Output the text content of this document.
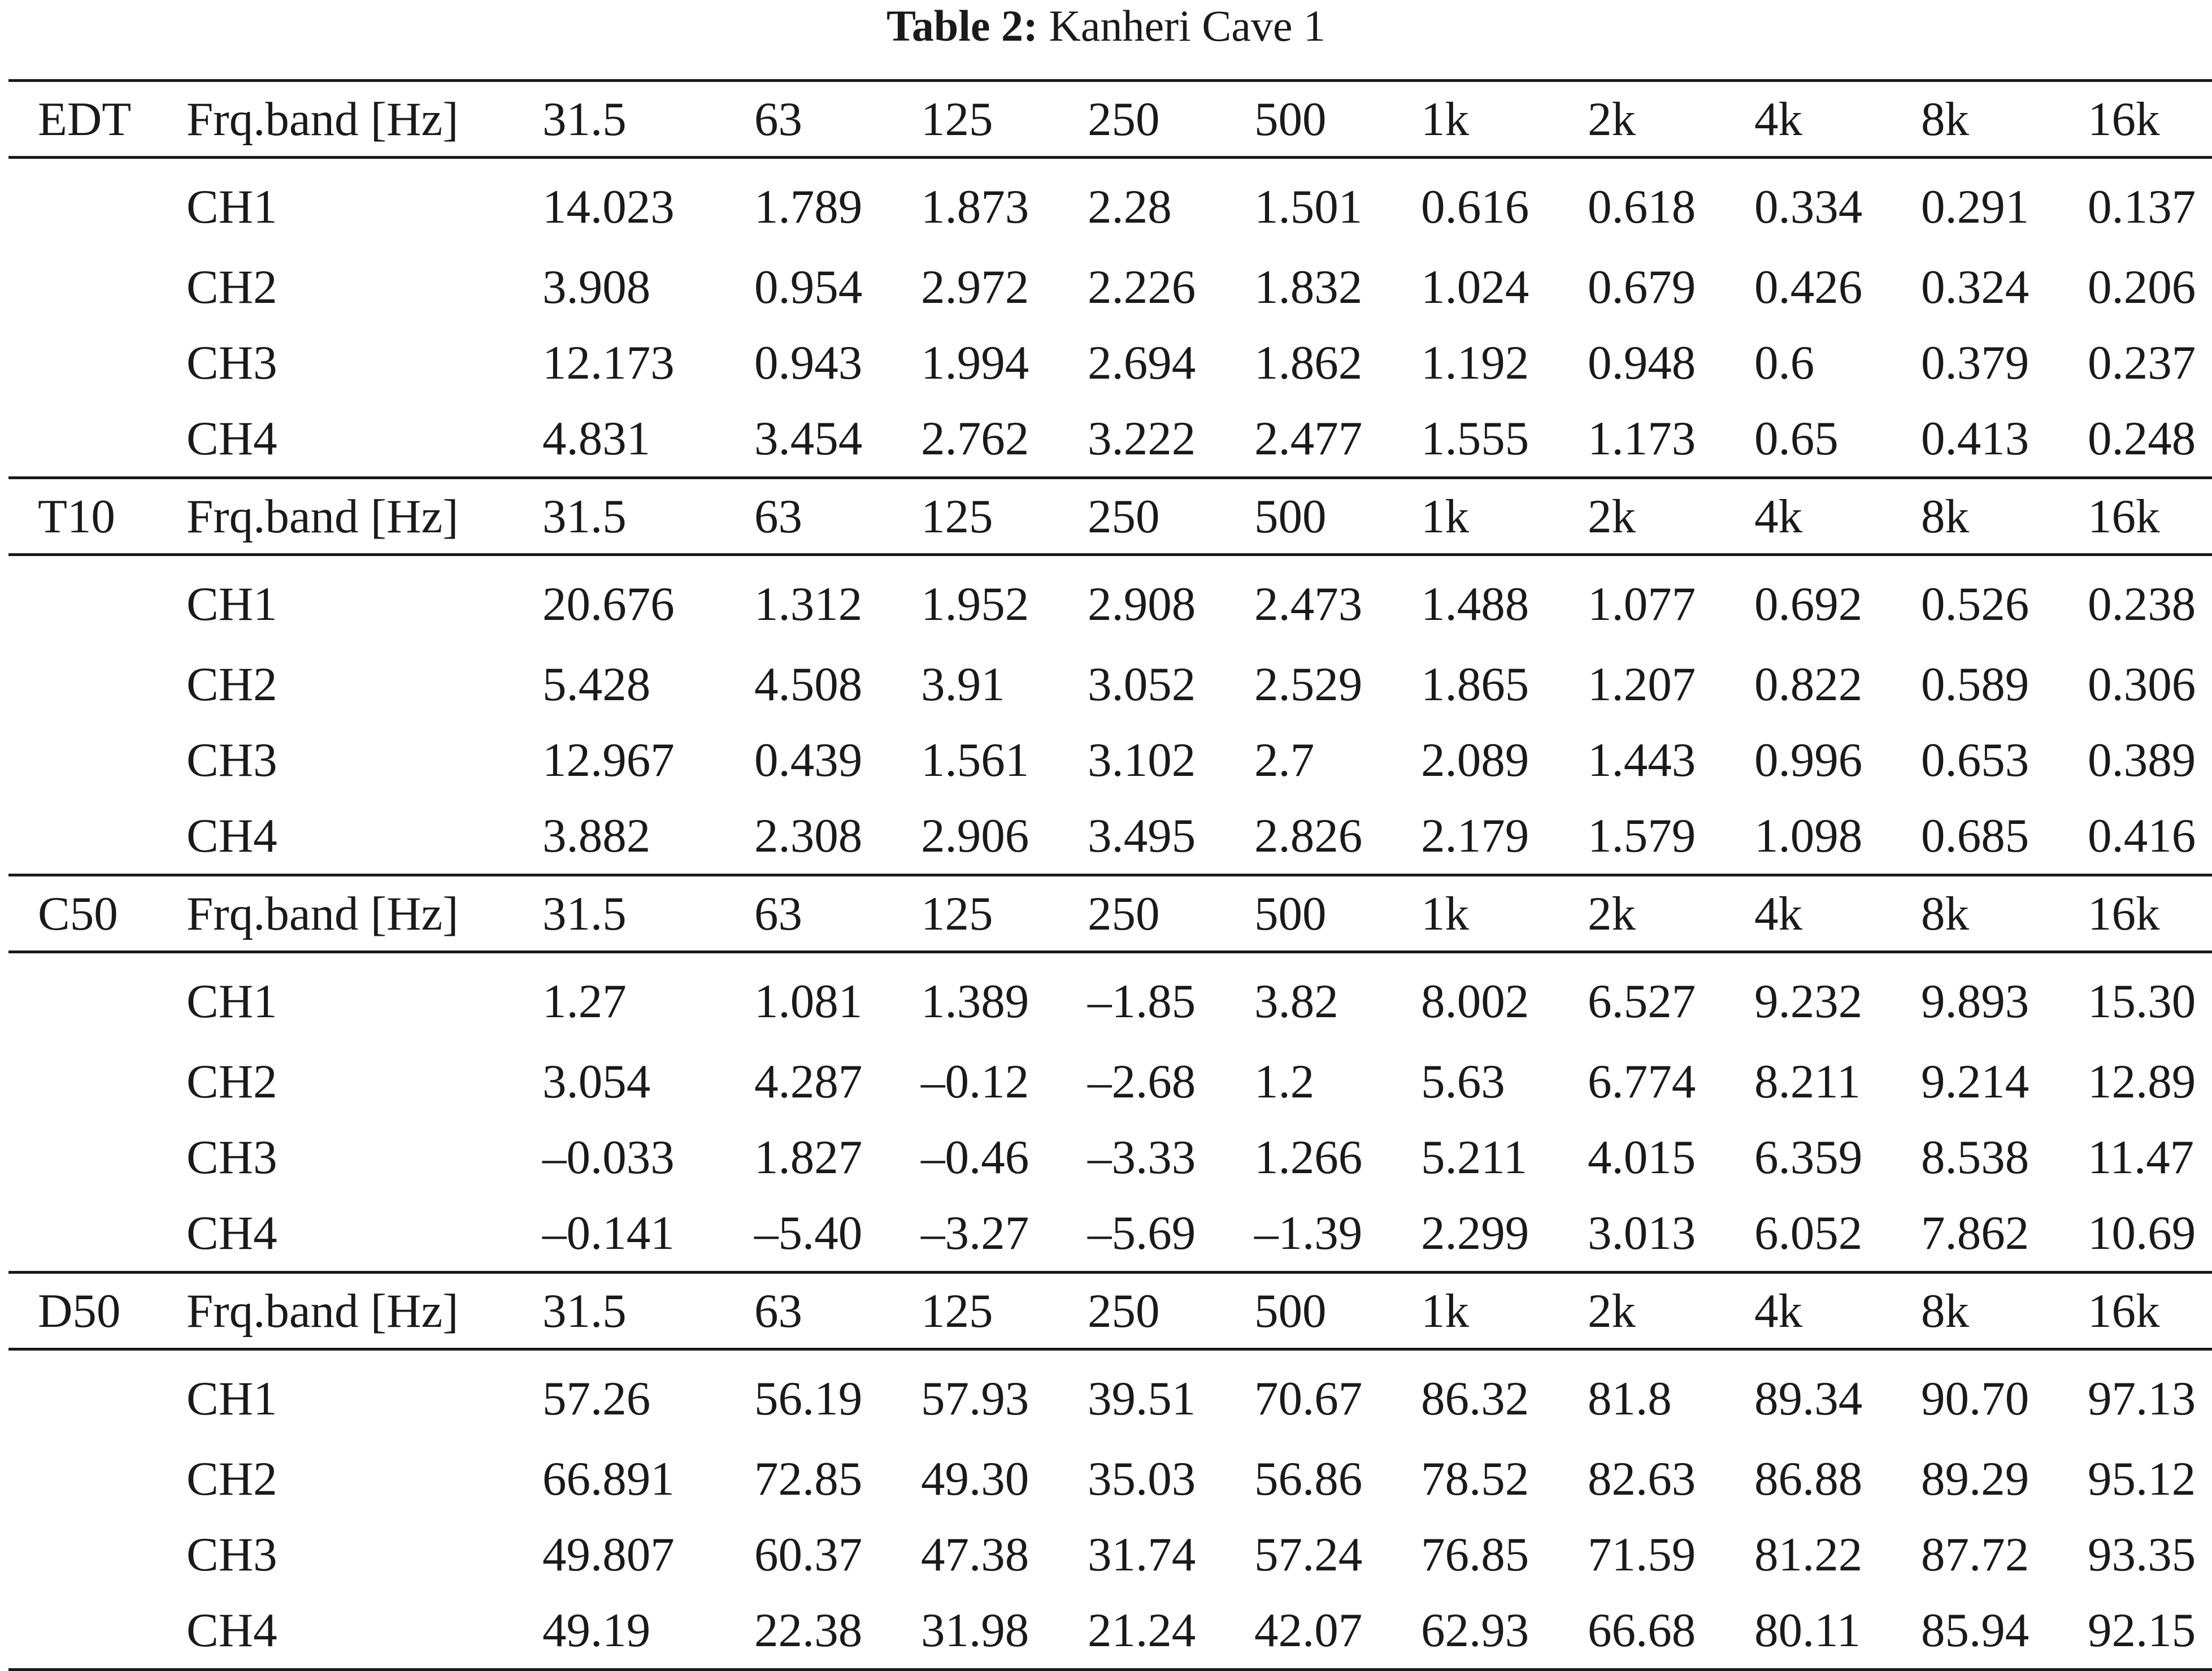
Table 2: Kanheri Cave 1
EDT	Frq.band [Hz]	31.5	63	125	250	500	1k	2k	4k	8k	16k
	CH1	14.023	1.789	1.873	2.28	1.501	0.616	0.618	0.334	0.291	0.137
	CH2	3.908	0.954	2.972	2.226	1.832	1.024	0.679	0.426	0.324	0.206
	CH3	12.173	0.943	1.994	2.694	1.862	1.192	0.948	0.6	0.379	0.237
	CH4	4.831	3.454	2.762	3.222	2.477	1.555	1.173	0.65	0.413	0.248
T10	Frq.band [Hz]	31.5	63	125	250	500	1k	2k	4k	8k	16k
	CH1	20.676	1.312	1.952	2.908	2.473	1.488	1.077	0.692	0.526	0.238
	CH2	5.428	4.508	3.91	3.052	2.529	1.865	1.207	0.822	0.589	0.306
	CH3	12.967	0.439	1.561	3.102	2.7	2.089	1.443	0.996	0.653	0.389
	CH4	3.882	2.308	2.906	3.495	2.826	2.179	1.579	1.098	0.685	0.416
C50	Frq.band [Hz]	31.5	63	125	250	500	1k	2k	4k	8k	16k
	CH1	1.27	1.081	1.389	–1.85	3.82	8.002	6.527	9.232	9.893	15.30
	CH2	3.054	4.287	–0.12	–2.68	1.2	5.63	6.774	8.211	9.214	12.89
	CH3	–0.033	1.827	–0.46	–3.33	1.266	5.211	4.015	6.359	8.538	11.47
	CH4	–0.141	–5.40	–3.27	–5.69	–1.39	2.299	3.013	6.052	7.862	10.69
D50	Frq.band [Hz]	31.5	63	125	250	500	1k	2k	4k	8k	16k
	CH1	57.26	56.19	57.93	39.51	70.67	86.32	81.8	89.34	90.70	97.13
	CH2	66.891	72.85	49.30	35.03	56.86	78.52	82.63	86.88	89.29	95.12
	CH3	49.807	60.37	47.38	31.74	57.24	76.85	71.59	81.22	87.72	93.35
	CH4	49.19	22.38	31.98	21.24	42.07	62.93	66.68	80.11	85.94	92.15
